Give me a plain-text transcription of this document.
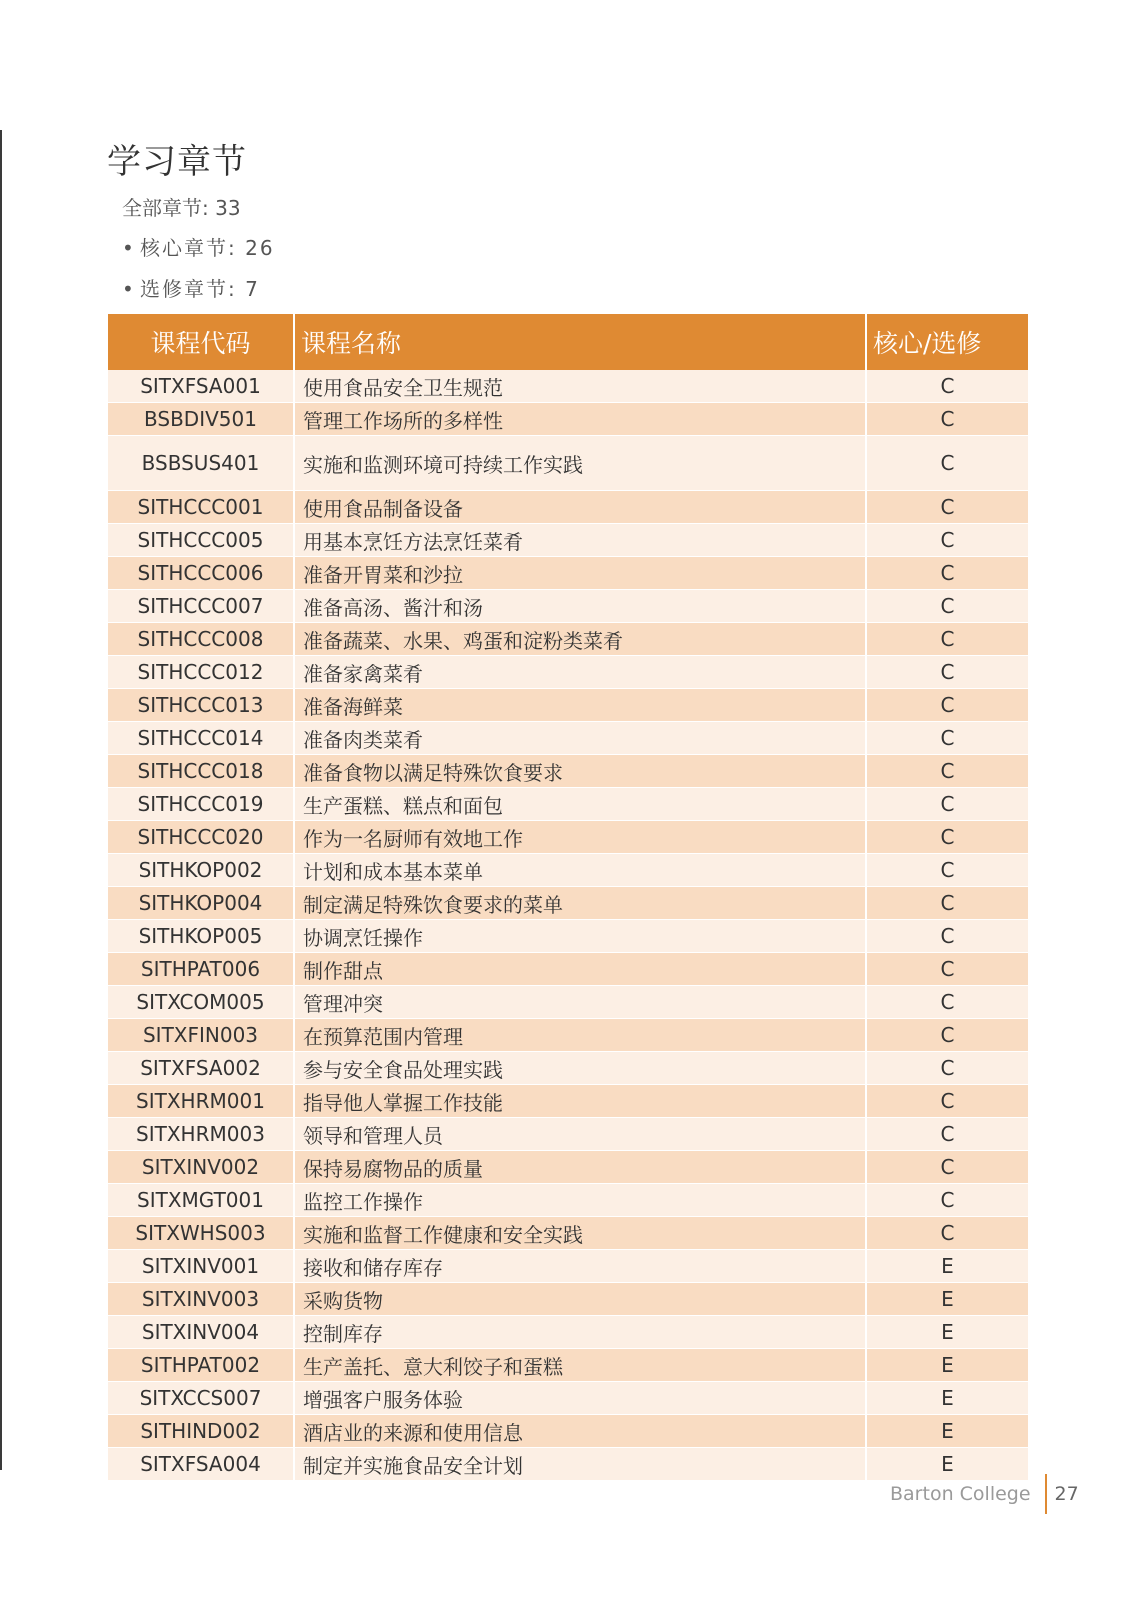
学习章节
全部章节: 33
• 核心章节: 26
• 选修章节: 7
课程代码	课程名称	核心/选修
SITXFSA001	使用食品安全卫生规范	C
BSBDIV501	管理工作场所的多样性	C
BSBSUS401	实施和监测环境可持续工作实践	C
SITHCCC001	使用食品制备设备	C
SITHCCC005	用基本烹饪方法烹饪菜肴	C
SITHCCC006	准备开胃菜和沙拉	C
SITHCCC007	准备高汤、酱汁和汤	C
SITHCCC008	准备蔬菜、水果、鸡蛋和淀粉类菜肴	C
SITHCCC012	准备家禽菜肴	C
SITHCCC013	准备海鲜菜	C
SITHCCC014	准备肉类菜肴	C
SITHCCC018	准备食物以满足特殊饮食要求	C
SITHCCC019	生产蛋糕、糕点和面包	C
SITHCCC020	作为一名厨师有效地工作	C
SITHKOP002	计划和成本基本菜单	C
SITHKOP004	制定满足特殊饮食要求的菜单	C
SITHKOP005	协调烹饪操作	C
SITHPAT006	制作甜点	C
SITXCOM005	管理冲突	C
SITXFIN003	在预算范围内管理	C
SITXFSA002	参与安全食品处理实践	C
SITXHRM001	指导他人掌握工作技能	C
SITXHRM003	领导和管理人员	C
SITXINV002	保持易腐物品的质量	C
SITXMGT001	监控工作操作	C
SITXWHS003	实施和监督工作健康和安全实践	C
SITXINV001	接收和储存库存	E
SITXINV003	采购货物	E
SITXINV004	控制库存	E
SITHPAT002	生产盖托、意大利饺子和蛋糕	E
SITXCCS007	增强客户服务体验	E
SITHIND002	酒店业的来源和使用信息	E
SITXFSA004	制定并实施食品安全计划	E
Barton College 27
